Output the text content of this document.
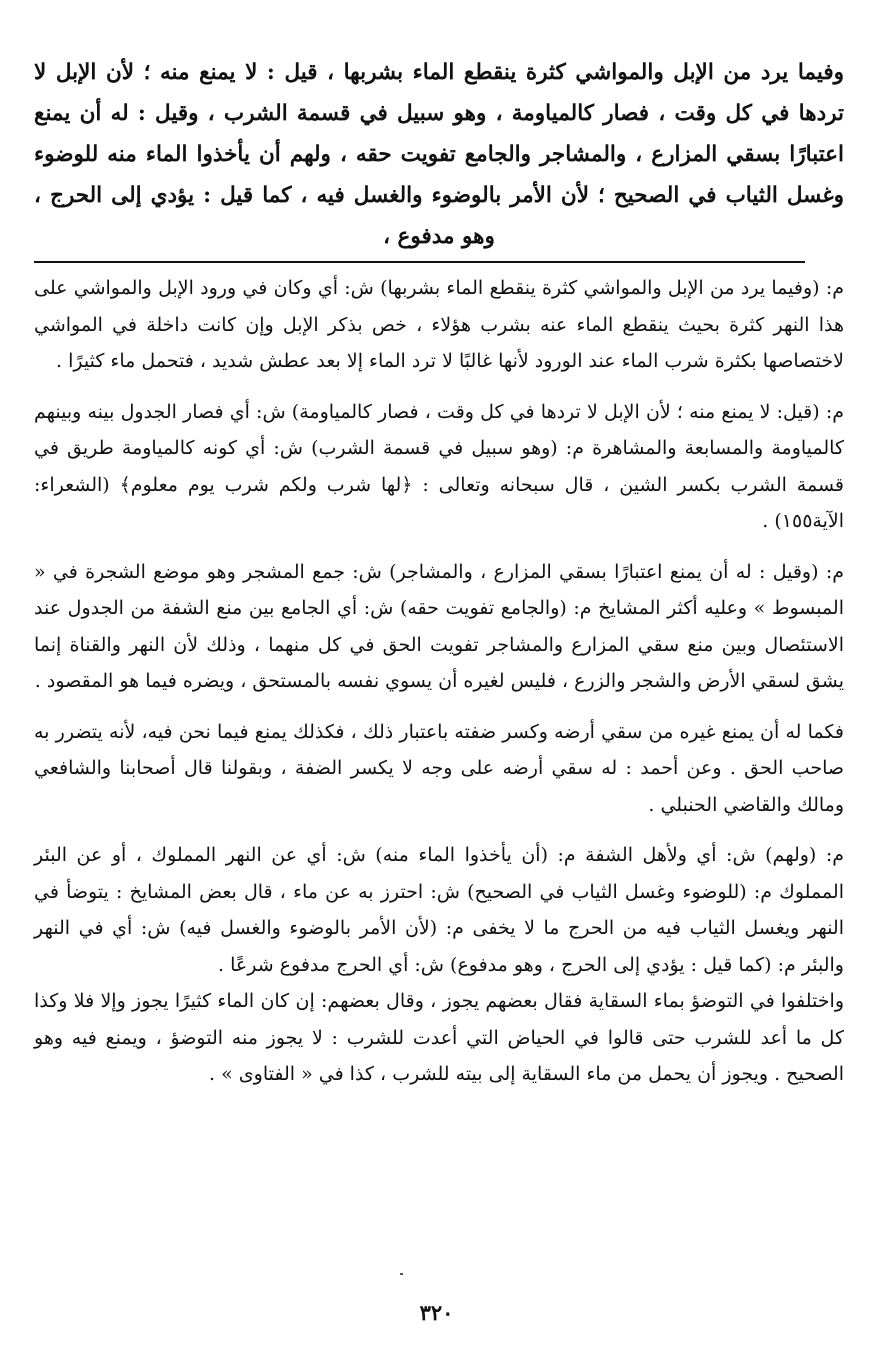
وفيما يرد من الإبل والمواشي كثرة ينقطع الماء بشربها ، قيل : لا يمنع منه ؛ لأن الإبل لا تردها في كل وقت ، فصار كالمياومة ، وهو سبيل في قسمة الشرب ، وقيل : له أن يمنع اعتبارًا بسقي المزارع ، والمشاجر والجامع تفويت حقه ، ولهم أن يأخذوا الماء منه للوضوء وغسل الثياب في الصحيح ؛ لأن الأمر بالوضوء والغسل فيه ، كما قيل : يؤدي إلى الحرج ، وهو مدفوع ،

م: (وفيما يرد من الإبل والمواشي كثرة ينقطع الماء بشربها) ش: أي وكان في ورود الإبل والمواشي على هذا النهر كثرة بحيث ينقطع الماء عنه بشرب هؤلاء ، خص بذكر الإبل وإن كانت داخلة في المواشي لاختصاصها بكثرة شرب الماء عند الورود لأنها غالبًا لا ترد الماء إلا بعد عطش شديد ، فتحمل ماء كثيرًا .

م: (قيل: لا يمنع منه ؛ لأن الإبل لا تردها في كل وقت ، فصار كالمياومة) ش: أي فصار الجدول بينه وبينهم كالمياومة والمسابعة والمشاهرة م: (وهو سبيل في قسمة الشرب) ش: أي كونه كالمياومة طريق في قسمة الشرب بكسر الشين ، قال سبحانه وتعالى : ﴿لها شرب ولكم شرب يوم معلوم﴾ (الشعراء: الآية١٥٥) .

م: (وقيل : له أن يمنع اعتبارًا بسقي المزارع ، والمشاجر) ش: جمع المشجر وهو موضع الشجرة في « المبسوط » وعليه أكثر المشايخ م: (والجامع تفويت حقه) ش: أي الجامع بين منع الشفة من الجدول عند الاستئصال وبين منع سقي المزارع والمشاجر تفويت الحق في كل منهما ، وذلك لأن النهر والقناة إنما يشق لسقي الأرض والشجر والزرع ، فليس لغيره أن يسوي نفسه بالمستحق ، ويضره فيما هو المقصود .

فكما له أن يمنع غيره من سقي أرضه وكسر ضفته باعتبار ذلك ، فكذلك يمنع فيما نحن فيه، لأنه يتضرر به صاحب الحق . وعن أحمد : له سقي أرضه على وجه لا يكسر الضفة ، وبقولنا قال أصحابنا والشافعي ومالك والقاضي الحنبلي .

م: (ولهم) ش: أي ولأهل الشفة م: (أن يأخذوا الماء منه) ش: أي عن النهر المملوك ، أو عن البئر المملوك م: (للوضوء وغسل الثياب في الصحيح) ش: احترز به عن ماء ، قال بعض المشايخ : يتوضأ في النهر ويغسل الثياب فيه من الحرج ما لا يخفى م: (لأن الأمر بالوضوء والغسل فيه) ش: أي في النهر والبئر م: (كما قيل : يؤدي إلى الحرج ، وهو مدفوع) ش: أي الحرج مدفوع شرعًا .

واختلفوا في التوضؤ بماء السقاية فقال بعضهم يجوز ، وقال بعضهم: إن كان الماء كثيرًا يجوز وإلا فلا وكذا كل ما أعد للشرب حتى قالوا في الحياض التي أعدت للشرب : لا يجوز منه التوضؤ ، ويمنع فيه وهو الصحيح . ويجوز أن يحمل من ماء السقاية إلى بيته للشرب ، كذا في « الفتاوى » .

٣٢٠
